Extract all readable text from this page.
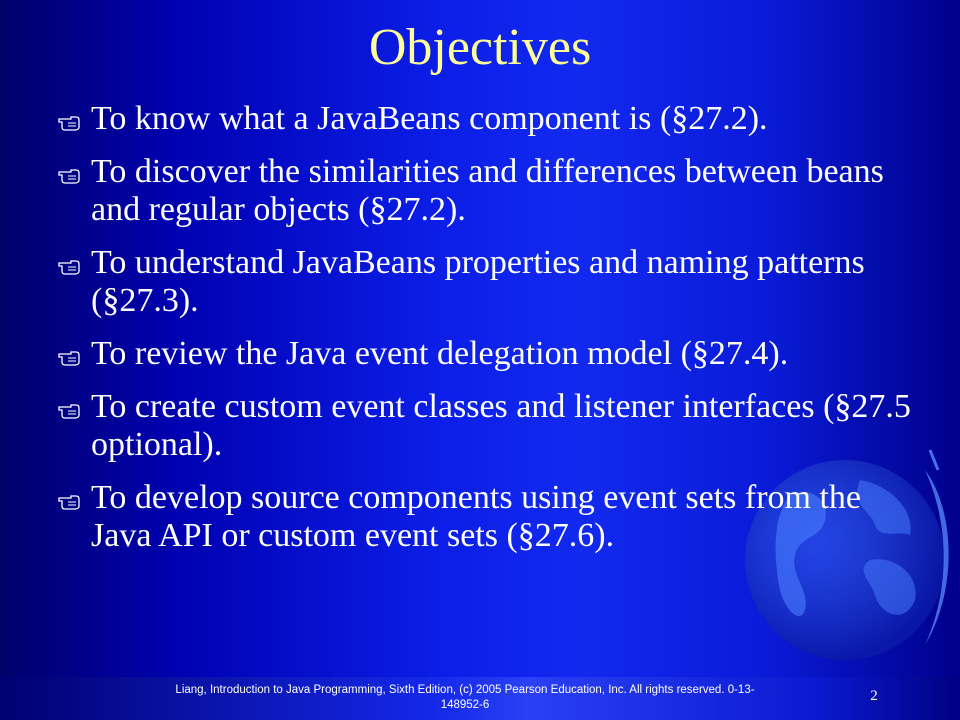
Objectives
To know what a JavaBeans component is (§27.2).
To discover the similarities and differences between beans and regular objects (§27.2).
To understand JavaBeans properties and naming patterns (§27.3).
To review the Java event delegation model (§27.4).
To create custom event classes and listener interfaces (§27.5 optional).
To develop source components using event sets from the Java API or custom event sets (§27.6).
Liang, Introduction to Java Programming, Sixth Edition, (c) 2005 Pearson Education, Inc. All rights reserved. 0-13-148952-6
2
